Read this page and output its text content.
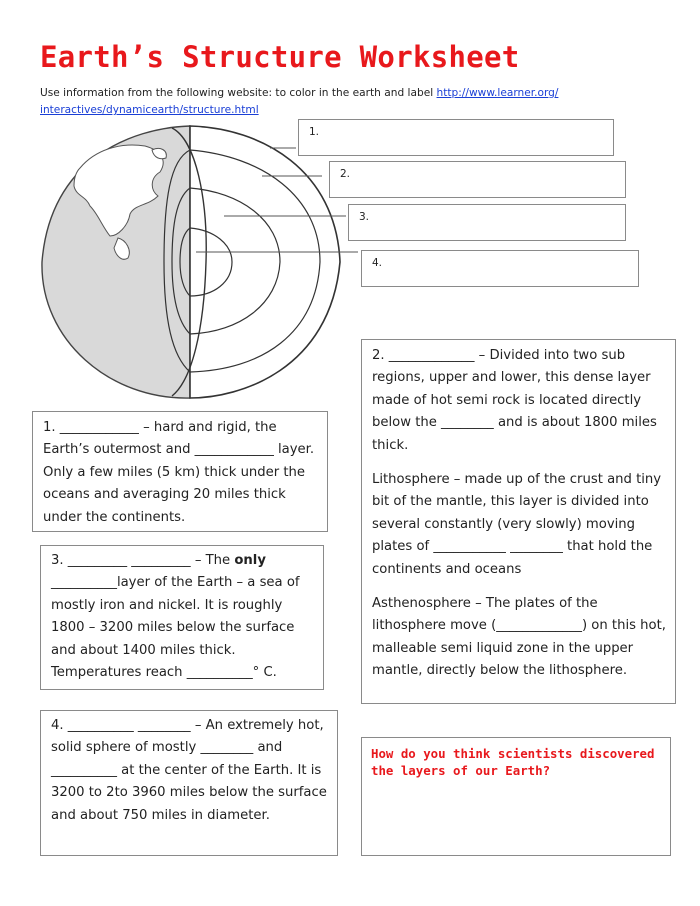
Earth’s Structure Worksheet
Use information from the following website: to color in the earth and label http://www.learner.org/
interactives/dynamicearth/structure.html
1.
2.
3.
4.

1. ____________ – hard and rigid, the Earth’s outermost and ____________ layer. Only a few miles (5 km) thick under the oceans and averaging 20 miles thick under the continents.

2. _____________ – Divided into two sub regions, upper and lower, this dense layer made of hot semi rock is located directly below the ________ and is about 1800 miles thick.

Lithosphere – made up of the crust and tiny bit of the mantle, this layer is divided into several constantly (very slowly) moving plates of ___________ ________ that hold the continents and oceans

Asthenosphere – The plates of the lithosphere move (_____________) on this hot, malleable semi liquid zone in the upper mantle, directly below the lithosphere.

3. _________ _________ – The only __________layer of the Earth – a sea of mostly iron and nickel. It is roughly 1800 – 3200 miles below the surface and about 1400 miles thick. Temperatures reach __________° C.

4. __________ ________ – An extremely hot, solid sphere of mostly ________ and __________ at the center of the Earth. It is 3200 to 2to 3960 miles below the surface and about 750 miles in diameter.

How do you think scientists discovered the layers of our Earth?
